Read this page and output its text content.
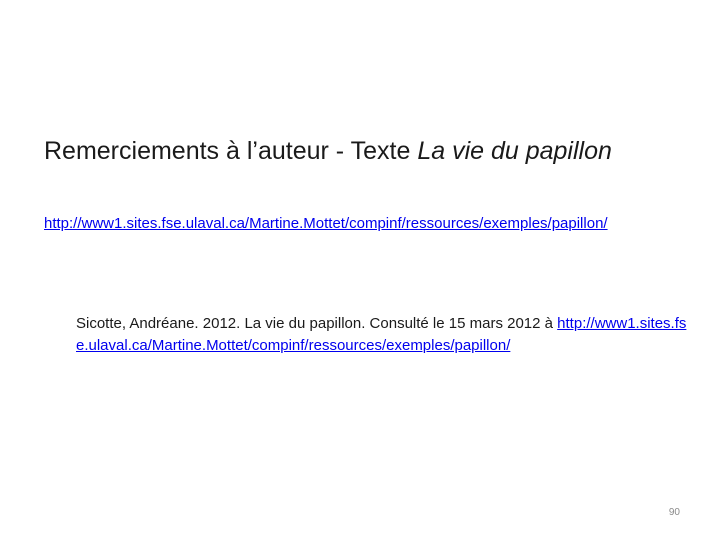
Remerciements à l’auteur - Texte La vie du papillon
http://www1.sites.fse.ulaval.ca/Martine.Mottet/compinf/ressources/exemples/papillon/
Sicotte, Andréane. 2012. La vie du papillon. Consulté le 15 mars 2012 à http://www1.sites.fse.ulaval.ca/Martine.Mottet/compinf/ressources/exemples/papillon/
90
